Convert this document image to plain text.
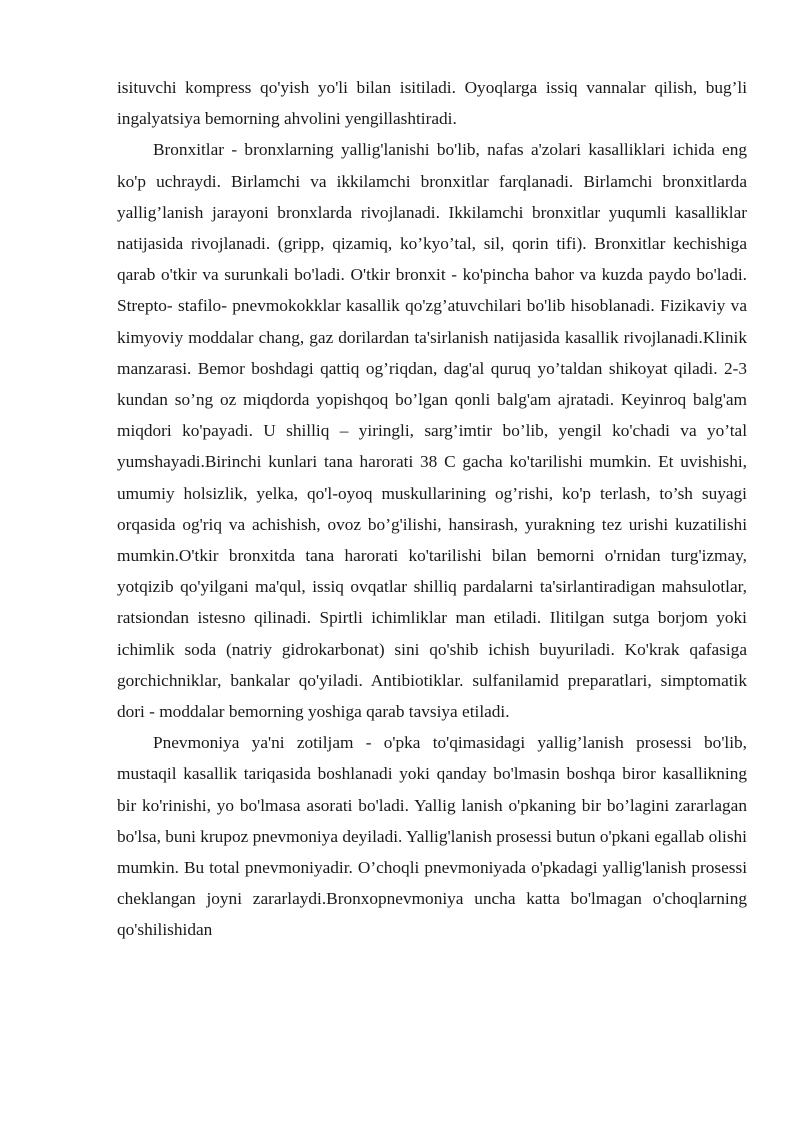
isituvchi kompress qo'yish yo'li bilan isitiladi. Oyoqlarga issiq vannalar qilish, bug’li ingalyatsiya bemorning ahvolini yengillashtiradi.

Bronxitlar - bronxlarning yallig'lanishi bo'lib, nafas a'zolari kasalliklari ichida eng ko'p uchraydi. Birlamchi va ikkilamchi bronxitlar farqlanadi. Birlamchi bronxitlarda yallig’lanish jarayoni bronxlarda rivojlanadi. Ikkilamchi bronxitlar yuqumli kasalliklar natijasida rivojlanadi. (gripp, qizamiq, ko’kyo’tal, sil, qorin tifi). Bronxitlar kechishiga qarab o'tkir va surunkali bo'ladi. O'tkir bronxit - ko'pincha bahor va kuzda paydo bo'ladi. Strepto- stafilo- pnevmokokklar kasallik qo'zg’atuvchilari bo'lib hisoblanadi. Fizikaviy va kimyoviy moddalar chang, gaz dorilardan ta'sirlanish natijasida kasallik rivojlanadi.Klinik manzarasi. Bemor boshdagi qattiq og’riqdan, dag'al quruq yo’taldan shikoyat qiladi. 2-3 kundan so’ng oz miqdorda yopishqoq bo’lgan qonli balg'am ajratadi. Keyinroq balg'am miqdori ko'payadi. U shilliq – yiringli, sarg’imtir bo’lib, yengil ko'chadi va yo’tal yumshayadi.Birinchi kunlari tana harorati 38 C gacha ko'tarilishi mumkin. Et uvishishi, umumiy holsizlik, yelka, qo'l-oyoq muskullarining og’rishi, ko'p terlash, to’sh suyagi orqasida og'riq va achishish, ovoz bo’g'ilishi, hansirash, yurakning tez urishi kuzatilishi mumkin.O'tkir bronxitda tana harorati ko'tarilishi bilan bemorni o'rnidan turg'izmay, yotqizib qo'yilgani ma'qul, issiq ovqatlar shilliq pardalarni ta'sirlantiradigan mahsulotlar, ratsiondan istesno qilinadi. Spirtli ichimliklar man etiladi. Ilitilgan sutga borjom yoki ichimlik soda (natriy gidrokarbonat) sini qo'shib ichish buyuriladi. Ko'krak qafasiga gorchichniklar, bankalar qo'yiladi. Antibiotiklar. sulfanilamid preparatlari, simptomatik dori - moddalar bemorning yoshiga qarab tavsiya etiladi.

Pnevmoniya ya'ni zotiljam - o'pka to'qimasidagi yallig’lanish prosessi bo'lib, mustaqil kasallik tariqasida boshlanadi yoki qanday bo'lmasin boshqa biror kasallikning bir ko'rinishi, yo bo'lmasa asorati bo'ladi. Yallig lanish o'pkaning bir bo’lagini zararlagan bo'lsa, buni krupoz pnevmoniya deyiladi. Yallig'lanish prosessi butun o'pkani egallab olishi mumkin. Bu total pnevmoniyadir. O’choqli pnevmoniyada o'pkadagi yallig'lanish prosessi cheklangan joyni zararlaydi.Bronxopnevmoniya uncha katta bo'lmagan o'choqlarning qo'shilishidan
